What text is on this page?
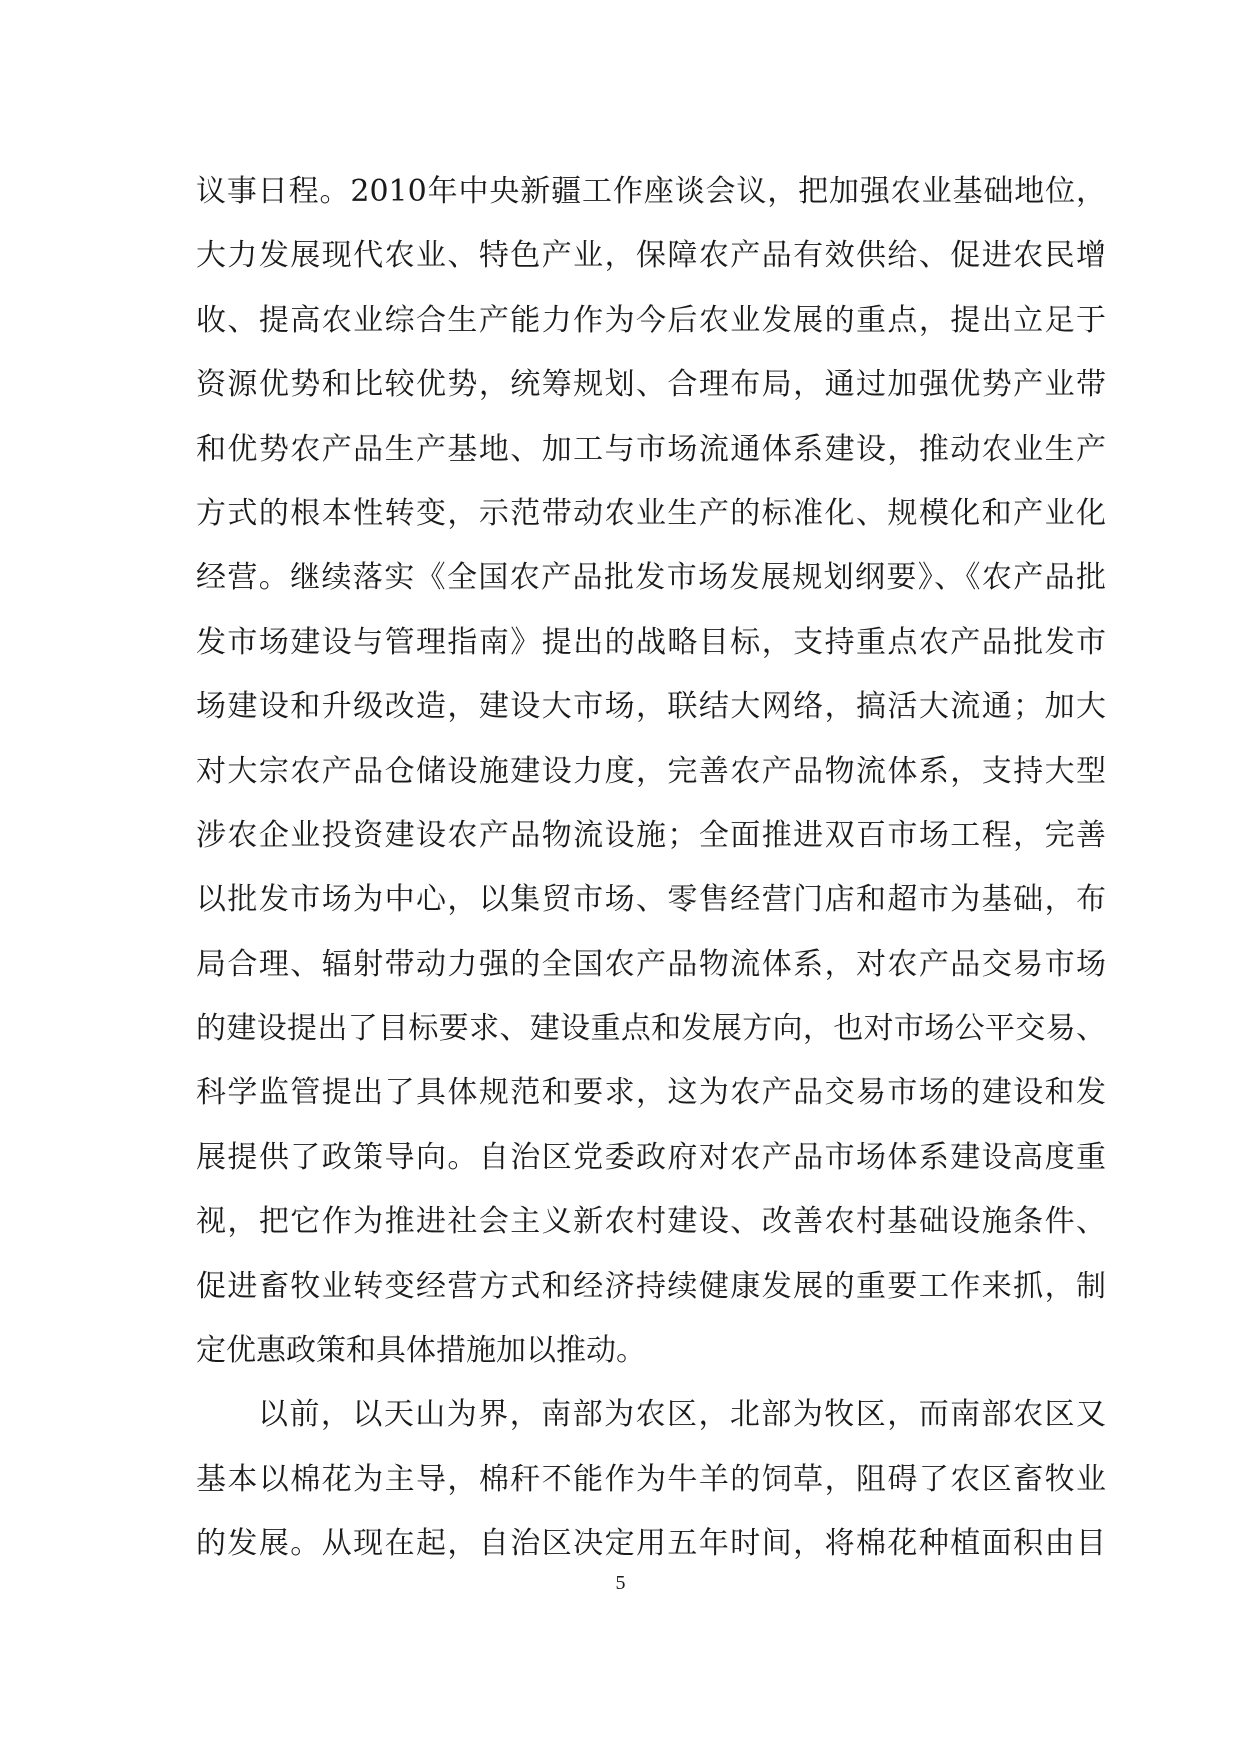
议事日程。2010年中央新疆工作座谈会议，把加强农业基础地位，
大力发展现代农业、特色产业，保障农产品有效供给、促进农民增
收、提高农业综合生产能力作为今后农业发展的重点，提出立足于
资源优势和比较优势，统筹规划、合理布局，通过加强优势产业带
和优势农产品生产基地、加工与市场流通体系建设，推动农业生产
方式的根本性转变，示范带动农业生产的标准化、规模化和产业化
经营。继续落实《全国农产品批发市场发展规划纲要》、《农产品批
发市场建设与管理指南》提出的战略目标，支持重点农产品批发市
场建设和升级改造，建设大市场，联结大网络，搞活大流通；加大
对大宗农产品仓储设施建设力度，完善农产品物流体系，支持大型
涉农企业投资建设农产品物流设施；全面推进双百市场工程，完善
以批发市场为中心，以集贸市场、零售经营门店和超市为基础，布
局合理、辐射带动力强的全国农产品物流体系，对农产品交易市场
的建设提出了目标要求、建设重点和发展方向，也对市场公平交易、
科学监管提出了具体规范和要求，这为农产品交易市场的建设和发
展提供了政策导向。自治区党委政府对农产品市场体系建设高度重
视，把它作为推进社会主义新农村建设、改善农村基础设施条件、
促进畜牧业转变经营方式和经济持续健康发展的重要工作来抓，制
定优惠政策和具体措施加以推动。
以前，以天山为界，南部为农区，北部为牧区，而南部农区又
基本以棉花为主导，棉秆不能作为牛羊的饲草，阻碍了农区畜牧业
的发展。从现在起，自治区决定用五年时间，将棉花种植面积由目
5
